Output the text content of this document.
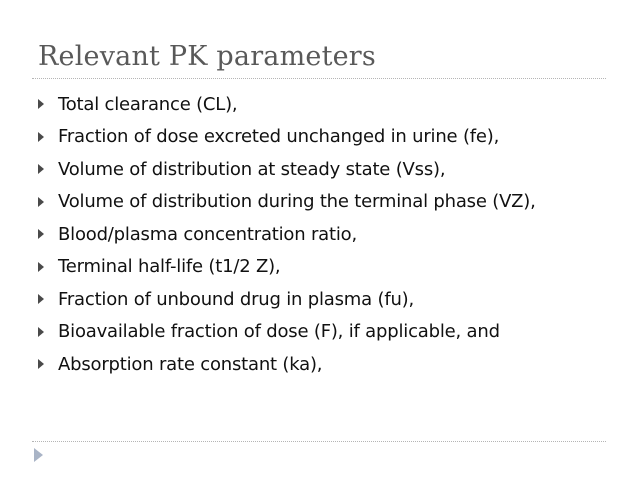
Relevant PK parameters
Total clearance (CL),
Fraction of dose excreted unchanged in urine (fe),
Volume of distribution at steady state (Vss),
Volume of distribution during the terminal phase (VZ),
Blood/plasma concentration ratio,
Terminal half-life (t1/2 Z),
Fraction of unbound drug in plasma (fu),
Bioavailable fraction of dose (F), if applicable, and
Absorption rate constant (ka),
